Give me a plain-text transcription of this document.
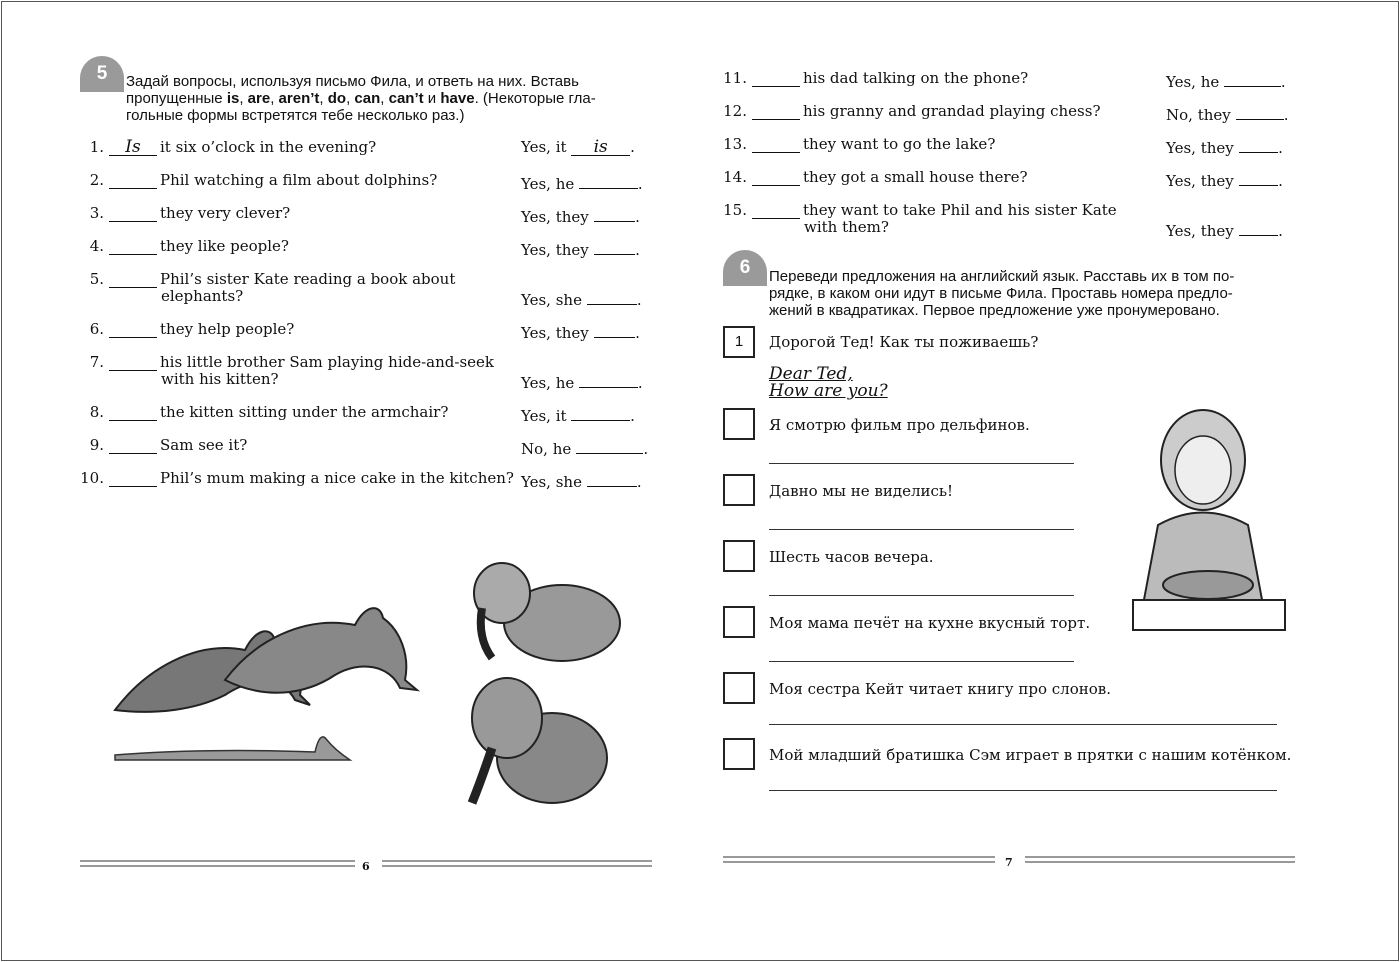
5	Задай вопросы, используя письмо Фила, и ответь на них. Вставь
пропущенные is, are, aren’t, do, can, can’t и have. (Некоторые гла-
гольные формы встретятся тебе несколько раз.)
1.	Is	it six o’clock in the evening?	Yes, it is .
2.	Phil watching a film about dolphins?	Yes, he	.
3.	they very clever?	Yes, they	.
4.	they like people?	Yes, they	.
5.	Phil’s sister Kate reading a book about
elephants?	Yes, she	.
6.	they help people?	Yes, they	.
7.	his little brother Sam playing hide-and-seek
with his kitten?	Yes, he	.
8.	the kitten sitting under the armchair?	Yes, it	.
9.	Sam see it?	No, he	.
10.	Phil’s mum making a nice cake in the kitchen? Yes, she	.
6
11.	his dad talking on the phone?	Yes, he	.
12.	his granny and grandad playing chess?	No, they	.
13.	they want to go the lake?	Yes, they	.
14.	they got a small house there?	Yes, they	.
15.	they want to take Phil and his sister Kate
with them?	Yes, they	.
6	Переведи предложения на английский язык. Расставь их в том по-
рядке, в каком они идут в письме Фила. Проставь номера предло-
жений в квадратиках. Первое предложение уже пронумеровано.
1	Дорогой Тед! Как ты поживаешь?
Dear Ted,
How are you?
Я смотрю фильм про дельфинов.
Давно мы не виделись!
Шесть часов вечера.
Моя мама печёт на кухне вкусный торт.
Моя сестра Кейт читает книгу про слонов.
Мой младший братишка Сэм играет в прятки с нашим котёнком.
7
